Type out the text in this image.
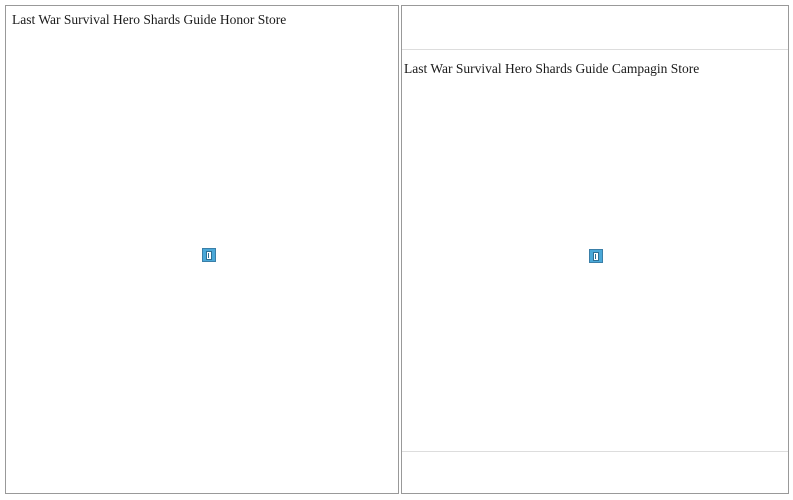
Last War Survival Hero Shards Guide Honor Store
Last War Survival Hero Shards Guide Campagin Store
